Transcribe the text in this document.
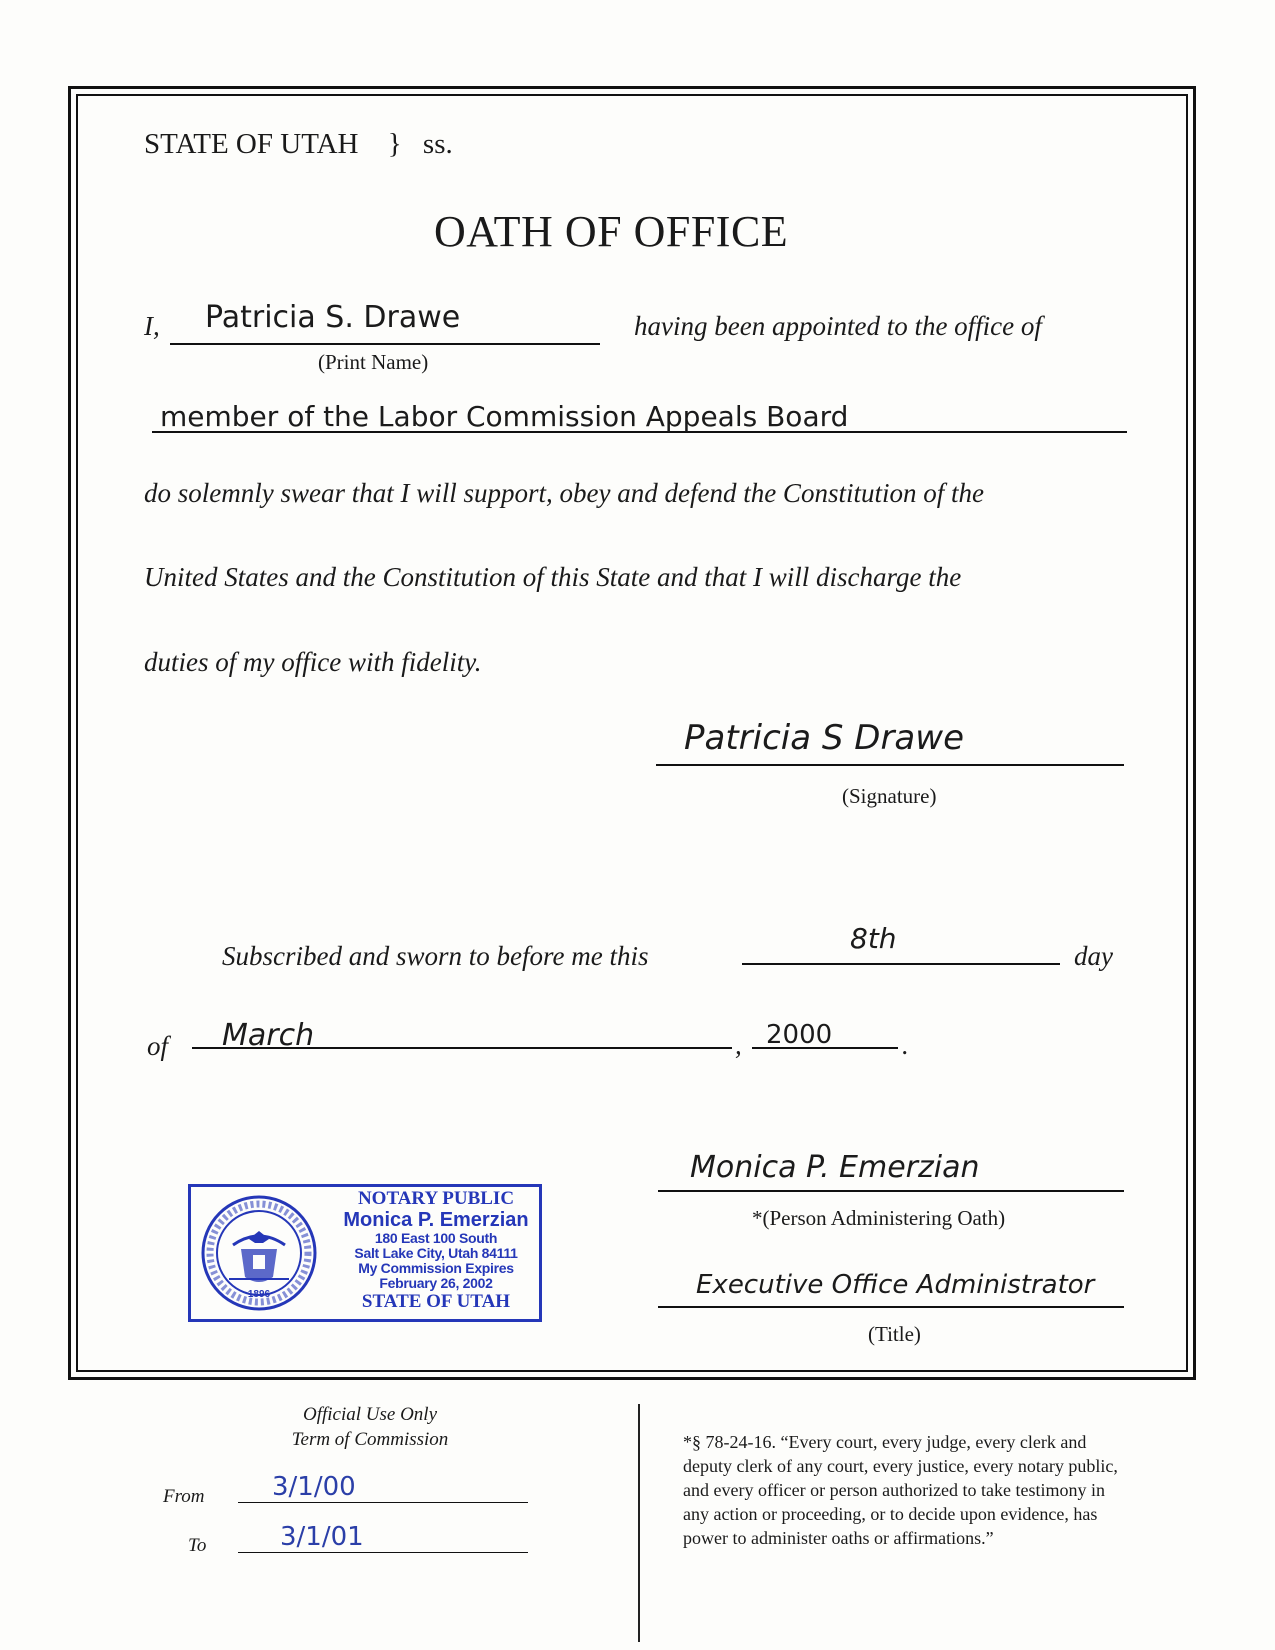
STATE OF UTAH } ss.
OATH OF OFFICE
I, Patricia S. Drawe
(Print Name)
having been appointed to the office of
member of the Labor Commission Appeals Board
do solemnly swear that I will support, obey and defend the Constitution of the
United States and the Constitution of this State and that I will discharge the
duties of my office with fidelity.
Patricia S Drawe
(Signature)
Subscribed and sworn to before me this
8th
day
of March	, 2000	.
1896
NOTARY PUBLIC
Monica P. Emerzian
180 East 100 South
Salt Lake City, Utah 84111
My Commission Expires
February 26, 2002
STATE OF UTAH
Monica P. Emerzian
*(Person Administering Oath)
Executive Office Administrator
(Title)
Official Use Only
Term of Commission
From	3/1/00
To	3/1/01
*§ 78-24-16. “Every court, every judge, every clerk and
deputy clerk of any court, every justice, every notary public,
and every officer or person authorized to take testimony in
any action or proceeding, or to decide upon evidence, has
power to administer oaths or affirmations.”
